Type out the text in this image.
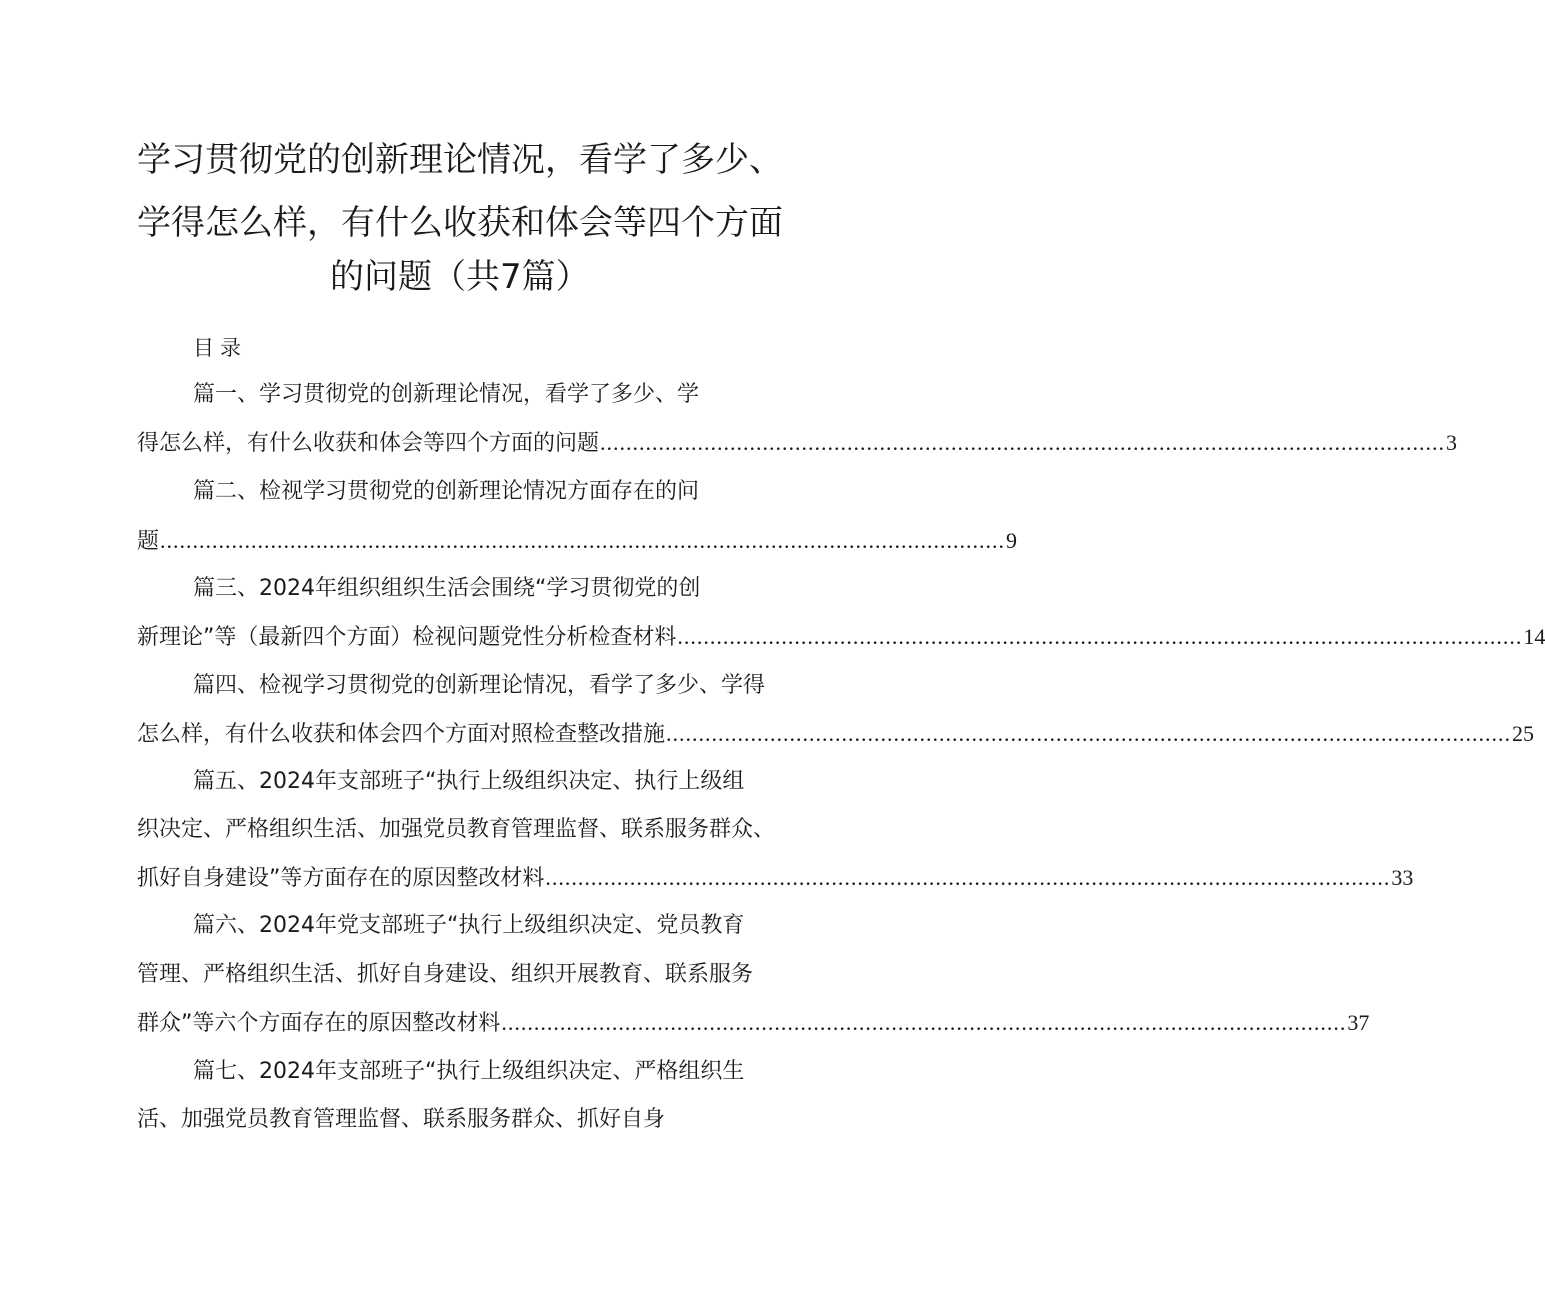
学习贯彻党的创新理论情况，看学了多少、
学得怎么样，有什么收获和体会等四个方面
的问题（共7篇）
目录
篇一、学习贯彻党的创新理论情况，看学了多少、学
得怎么样，有什么收获和体会等四个方面的问题 .................................................................................................................................. 3
篇二、检视学习贯彻党的创新理论情况方面存在的问
题 .................................................................................................................................. 9
篇三、2024年组织组织生活会围绕“学习贯彻党的创
新理论”等（最新四个方面）检视问题党性分析检查材料 .................................................................................................................................. 14
篇四、检视学习贯彻党的创新理论情况，看学了多少、学得
怎么样，有什么收获和体会四个方面对照检查整改措施 .................................................................................................................................. 25
篇五、2024年支部班子“执行上级组织决定、执行上级组
织决定、严格组织生活、加强党员教育管理监督、联系服务群众、
抓好自身建设”等方面存在的原因整改材料 .................................................................................................................................. 33
篇六、2024年党支部班子“执行上级组织决定、党员教育
管理、严格组织生活、抓好自身建设、组织开展教育、联系服务
群众”等六个方面存在的原因整改材料 .................................................................................................................................. 37
篇七、2024年支部班子“执行上级组织决定、严格组织生
活、加强党员教育管理监督、联系服务群众、抓好自身
